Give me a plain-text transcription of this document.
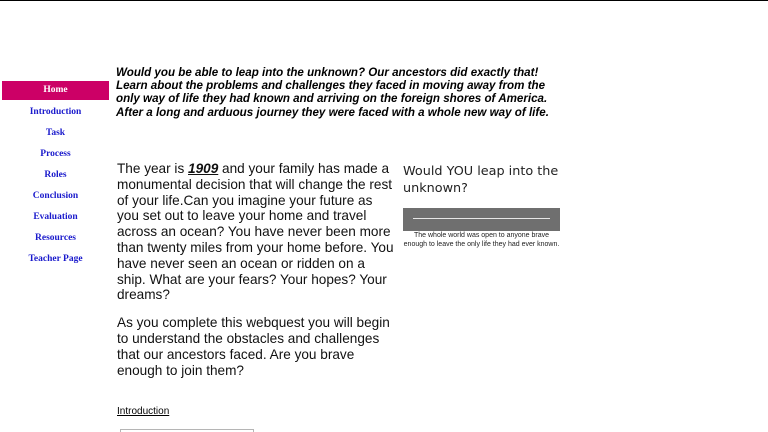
Home
Introduction
Task
Process
Roles
Conclusion
Evaluation
Resources
Teacher Page

Would you be able to leap into the unknown? Our ancestors did exactly that! Learn about the problems and challenges they faced in moving away from the only way of life they had known and arriving on the foreign shores of America. After a long and arduous journey they were faced with a whole new way of life.

The year is 1909 and your family has made a monumental decision that will change the rest of your life.Can you imagine your future as you set out to leave your home and travel across an ocean? You have never been more than twenty miles from your home before. You have never seen an ocean or ridden on a ship. What are your fears? Your hopes? Your dreams?

As you complete this webquest you will begin to understand the obstacles and challenges that our ancestors faced. Are you brave enough to join them?

Introduction
Would YOU leap into the unknown?

The whole world was open to anyone brave enough to leave the only life they had ever known.
